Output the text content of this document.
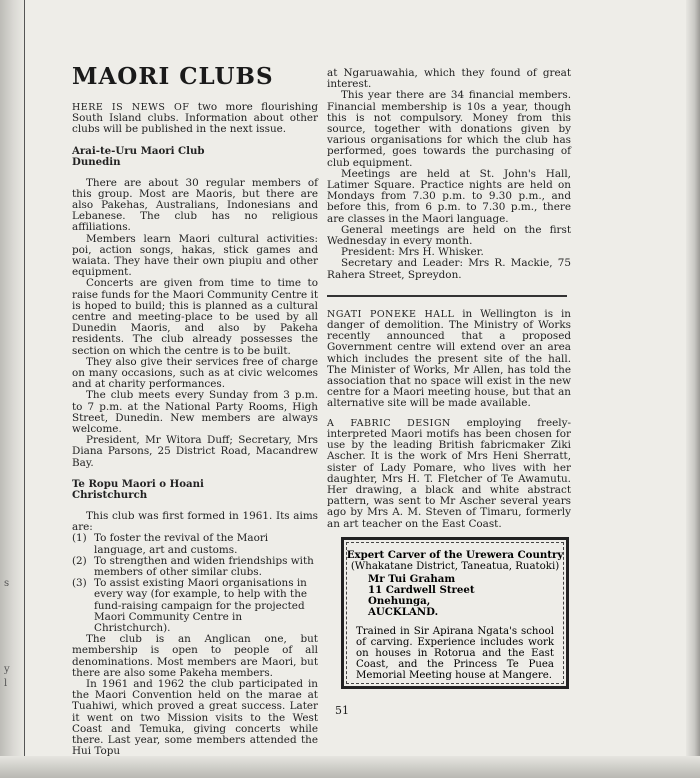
s
y
l
MAORI CLUBS

HERE IS NEWS OF two more flourishing South Island clubs. Information about other clubs will be published in the next issue.

Arai-te-Uru Maori Club
Dunedin

There are about 30 regular members of this group. Most are Maoris, but there are also Pakehas, Australians, Indonesians and Lebanese. The club has no religious affiliations.

Members learn Maori cultural activities: poi, action songs, hakas, stick games and waiata. They have their own piupiu and other equipment.

Concerts are given from time to time to raise funds for the Maori Community Centre it is hoped to build; this is planned as a cultural centre and meeting-place to be used by all Dunedin Maoris, and also by Pakeha residents. The club already possesses the section on which the centre is to be built.

They also give their services free of charge on many occasions, such as at civic welcomes and at charity performances.

The club meets every Sunday from 3 p.m. to 7 p.m. at the National Party Rooms, High Street, Dunedin. New members are always welcome.

President, Mr Witora Duff; Secretary, Mrs Diana Parsons, 25 District Road, Macandrew Bay.

Te Ropu Maori o Hoani
Christchurch

This club was first formed in 1961. Its aims are:

(1) To foster the revival of the Maori language, art and customs.
(2) To strengthen and widen friendships with members of other similar clubs.
(3) To assist existing Maori organisations in every way (for example, to help with the fund-raising campaign for the projected Maori Community Centre in Christchurch).

The club is an Anglican one, but membership is open to people of all denominations. Most members are Maori, but there are also some Pakeha members.

In 1961 and 1962 the club participated in the Maori Convention held on the marae at Tuahiwi, which proved a great success. Later it went on two Mission visits to the West Coast and Temuka, giving concerts while there. Last year, some members attended the Hui Topu

at Ngaruawahia, which they found of great interest.

This year there are 34 financial members. Financial membership is 10s a year, though this is not compulsory. Money from this source, together with donations given by various organisations for which the club has performed, goes towards the purchasing of club equipment.

Meetings are held at St. John's Hall, Latimer Square. Practice nights are held on Mondays from 7.30 p.m. to 9.30 p.m., and before this, from 6 p.m. to 7.30 p.m., there are classes in the Maori language.

General meetings are held on the first Wednesday in every month.

President: Mrs H. Whisker.

Secretary and Leader: Mrs R. Mackie, 75 Rahera Street, Spreydon.

NGATI PONEKE HALL in Wellington is in danger of demolition. The Ministry of Works recently announced that a proposed Government centre will extend over an area which includes the present site of the hall. The Minister of Works, Mr Allen, has told the association that no space will exist in the new centre for a Maori meeting house, but that an alternative site will be made available.

A FABRIC DESIGN employing freely-interpreted Maori motifs has been chosen for use by the leading British fabricmaker Ziki Ascher. It is the work of Mrs Heni Sherratt, sister of Lady Pomare, who lives with her daughter, Mrs H. T. Fletcher of Te Awamutu. Her drawing, a black and white abstract pattern, was sent to Mr Ascher several years ago by Mrs A. M. Steven of Timaru, formerly an art teacher on the East Coast.

Expert Carver of the Urewera Country
(Whakatane District, Taneatua, Ruatoki)
Mr Tui Graham
11 Cardwell Street
Onehunga,
AUCKLAND.
Trained in Sir Apirana Ngata's school of carving. Experience includes work on houses in Rotorua and the East Coast, and the Princess Te Puea Memorial Meeting house at Mangere.
51
